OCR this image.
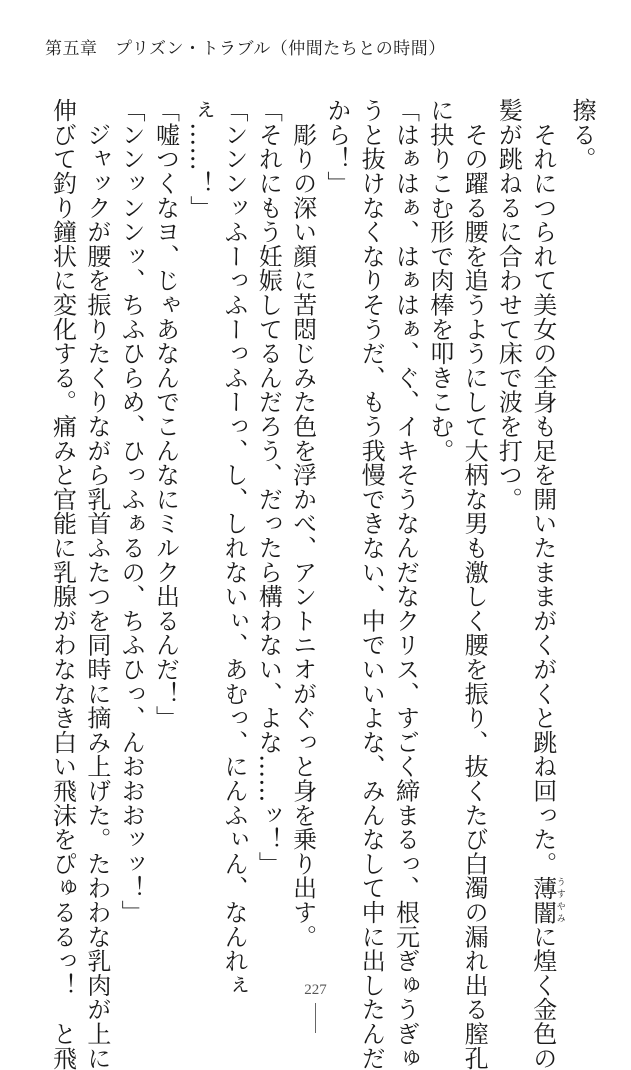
第五章　プリズン・トラブル（仲間たちとの時間）
擦る。
　それにつられて美女の全身も足を開いたままがくがくと跳ね回った。薄闇うすやみに煌く金色の
髪が跳ねるに合わせて床で波を打つ。
　その躍る腰を追うようにして大柄な男も激しく腰を振り、抜くたび白濁の漏れ出る膣孔
に抉りこむ形で肉棒を叩きこむ。
「はぁはぁ、はぁはぁ、ぐ、イキそうなんだなクリス、すごく締まるっ、根元ぎゅうぎゅ
うと抜けなくなりそうだ、もう我慢できない、中でいいよな、みんなして中に出したんだ
から！」
　彫りの深い顔に苦悶じみた色を浮かべ、アントニオがぐっと身を乗り出す。
「それにもう妊娠してるんだろう、だったら構わない、よな……ッ！」
「ンンンッふーっふーっふーっ、し、しれないぃ、あむっ、にんふぃん、なんれぇ
ぇ……！」
「嘘つくなヨ、じゃあなんでこんなにミルク出るんだ！」
「ンンッンンッ、ちふひらめ、ひっふぁるの、ちふひっ、んおおおッッ！」
　ジャックが腰を振りたくりながら乳首ふたつを同時に摘み上げた。たわわな乳肉が上に
伸びて釣り鐘状に変化する。痛みと官能に乳腺がわななき白い飛沫をぴゅるるっ！　と飛	227
